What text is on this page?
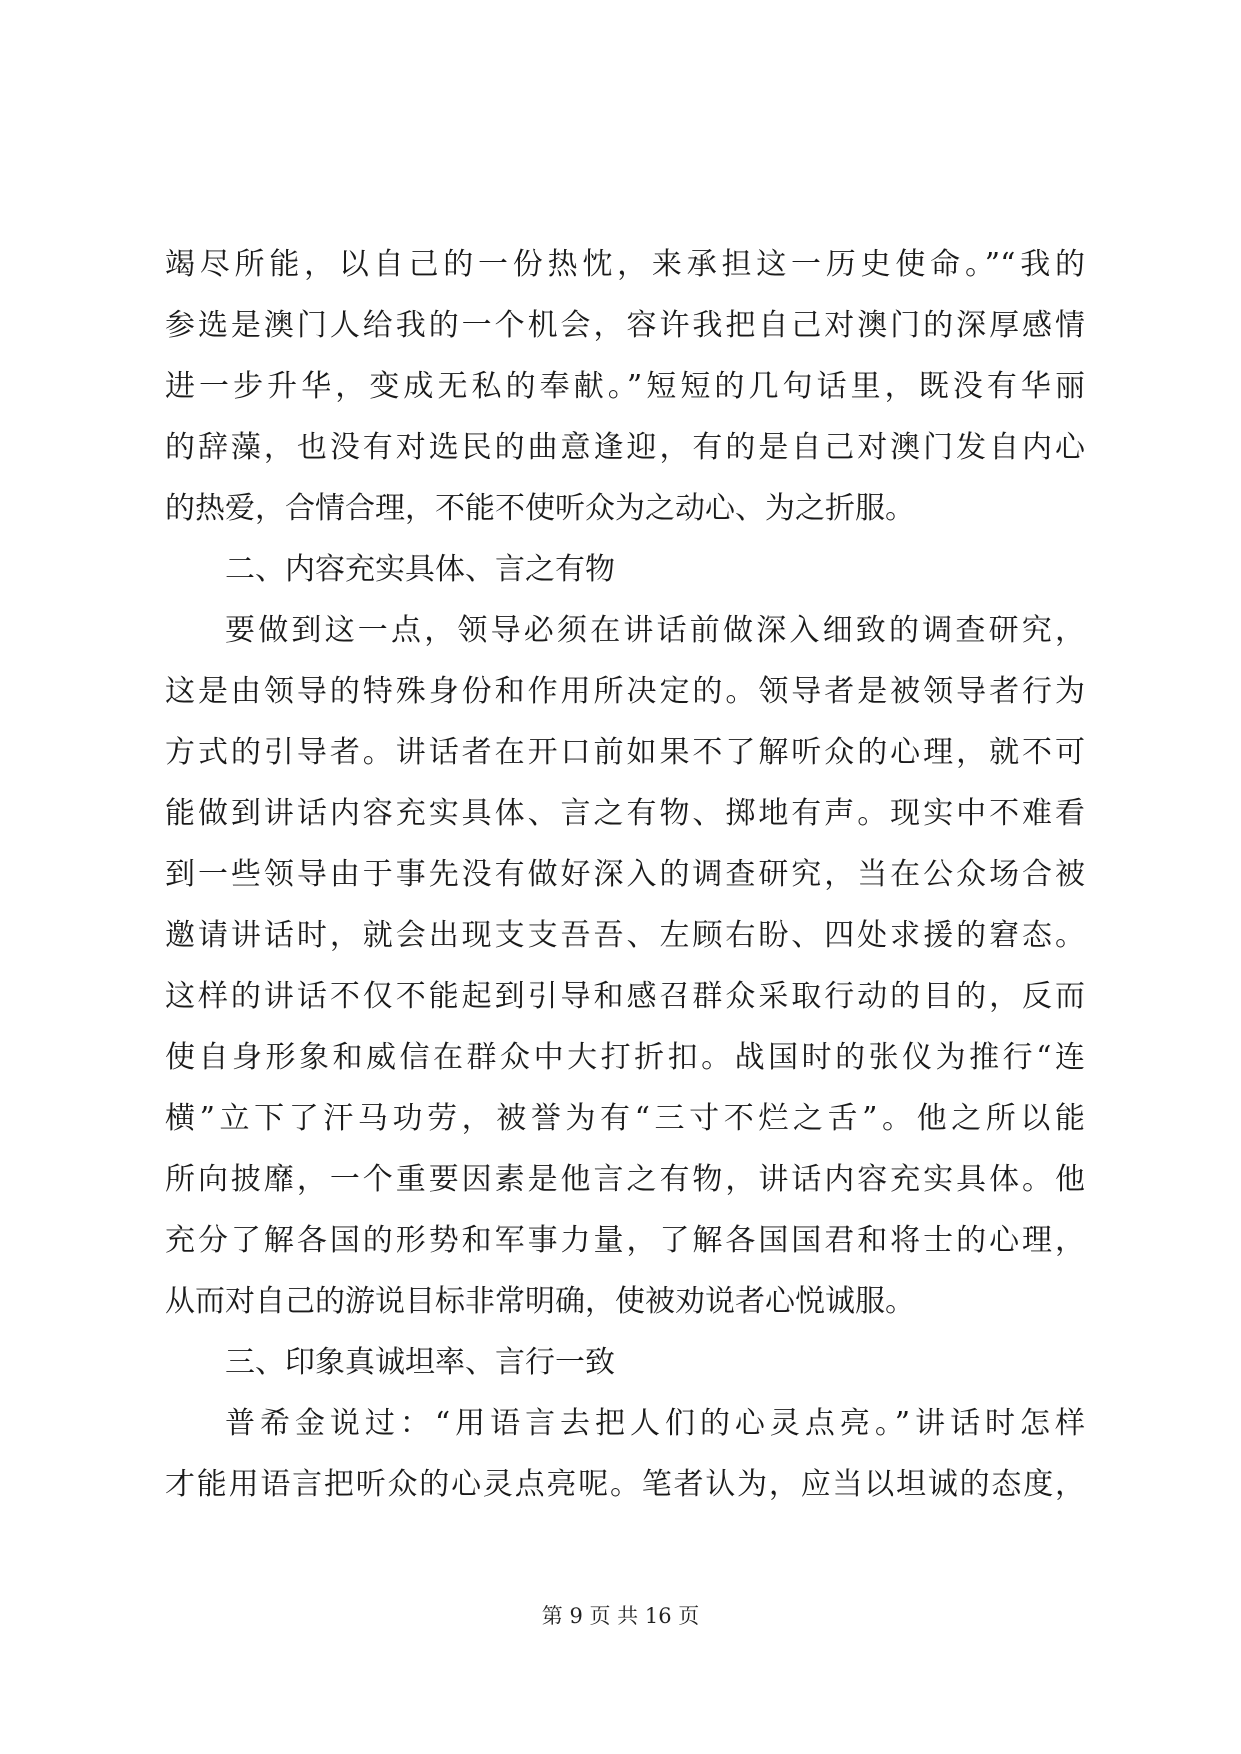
竭尽所能，以自己的一份热忱，来承担这一历史使命。”“我的
参选是澳门人给我的一个机会，容许我把自己对澳门的深厚感情
进一步升华，变成无私的奉献。”短短的几句话里，既没有华丽
的辞藻，也没有对选民的曲意逢迎，有的是自己对澳门发自内心
的热爱，合情合理，不能不使听众为之动心、为之折服。
二、内容充实具体、言之有物
要做到这一点，领导必须在讲话前做深入细致的调查研究，
这是由领导的特殊身份和作用所决定的。领导者是被领导者行为
方式的引导者。讲话者在开口前如果不了解听众的心理，就不可
能做到讲话内容充实具体、言之有物、掷地有声。现实中不难看
到一些领导由于事先没有做好深入的调查研究，当在公众场合被
邀请讲话时，就会出现支支吾吾、左顾右盼、四处求援的窘态。
这样的讲话不仅不能起到引导和感召群众采取行动的目的，反而
使自身形象和威信在群众中大打折扣。战国时的张仪为推行“连
横”立下了汗马功劳，被誉为有“三寸不烂之舌”。他之所以能
所向披靡，一个重要因素是他言之有物，讲话内容充实具体。他
充分了解各国的形势和军事力量，了解各国国君和将士的心理，
从而对自己的游说目标非常明确，使被劝说者心悦诚服。
三、印象真诚坦率、言行一致
普希金说过：“用语言去把人们的心灵点亮。”讲话时怎样
才能用语言把听众的心灵点亮呢。笔者认为，应当以坦诚的态度，
第 9 页 共 16 页
